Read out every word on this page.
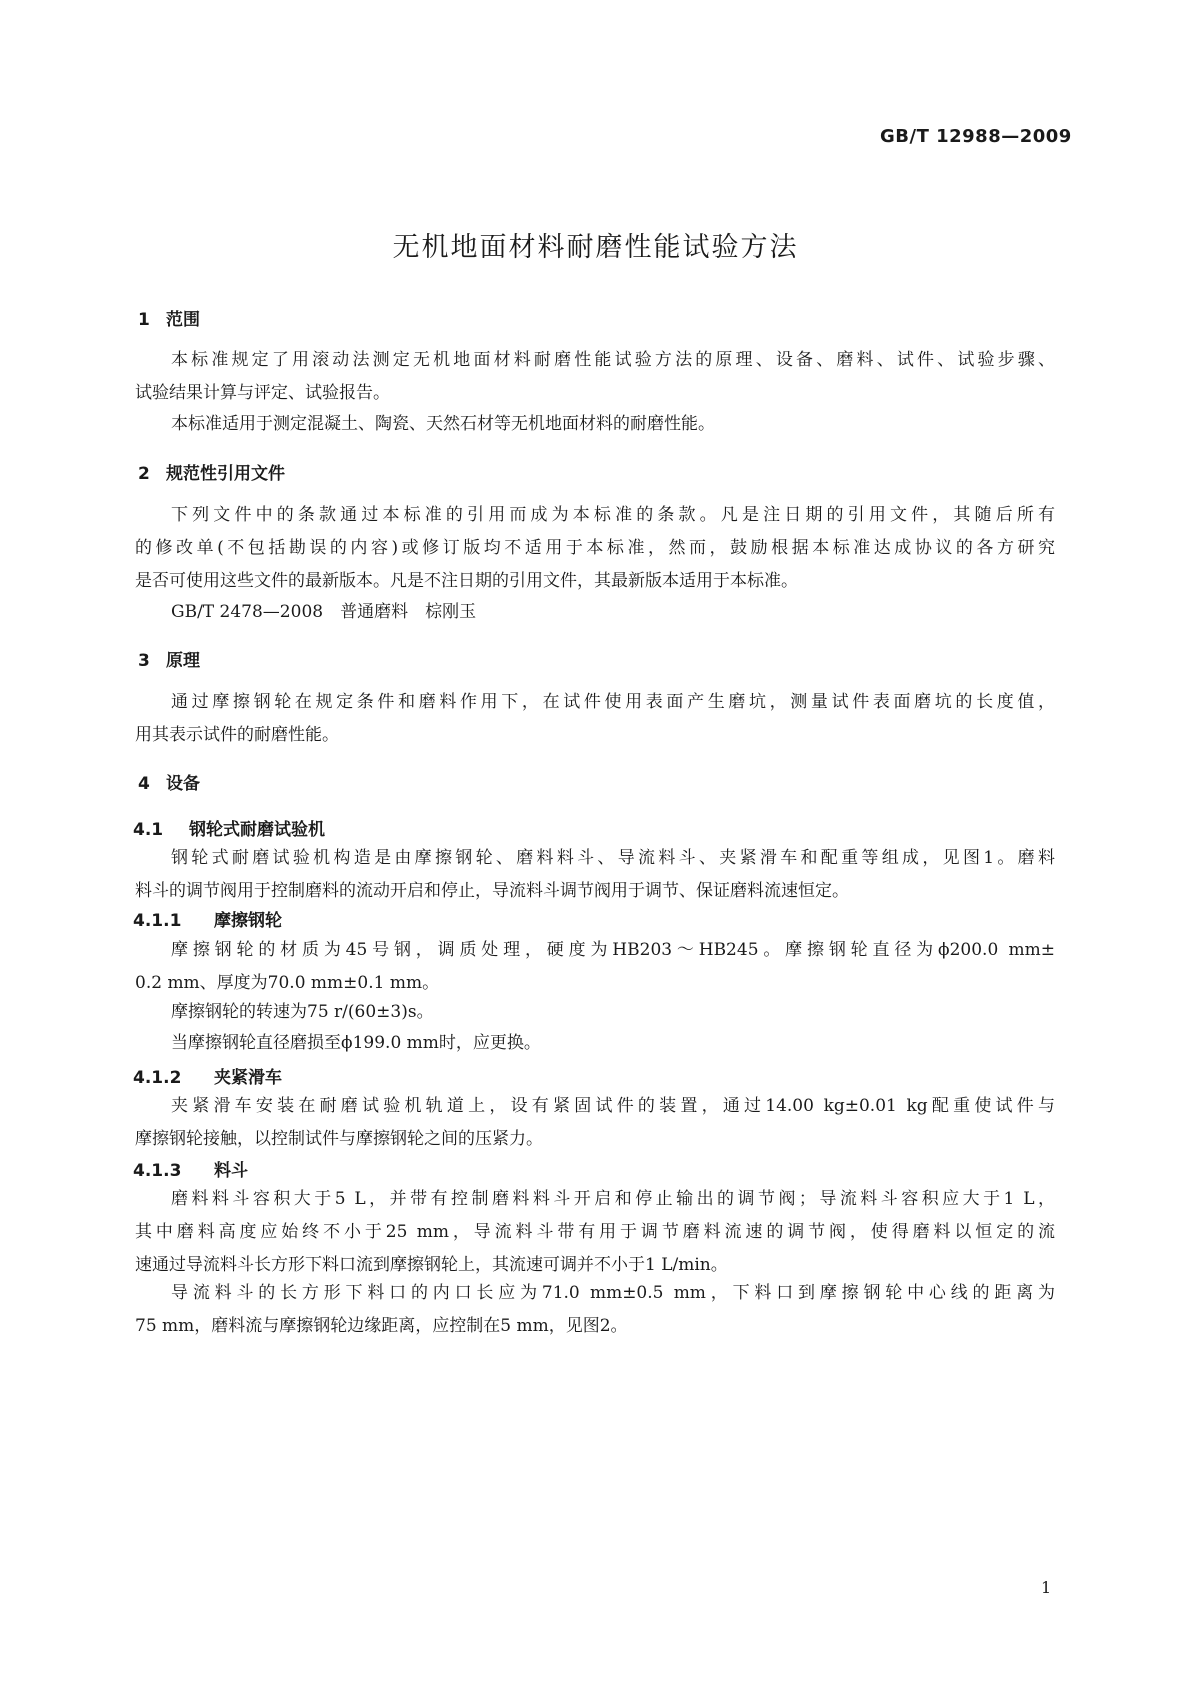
GB/T 12988—2009
无机地面材料耐磨性能试验方法
1 范围
本标准规定了用滚动法测定无机地面材料耐磨性能试验方法的原理、设备、磨料、试件、试验步骤、
试验结果计算与评定、试验报告。
本标准适用于测定混凝土、陶瓷、天然石材等无机地面材料的耐磨性能。
2 规范性引用文件
下列文件中的条款通过本标准的引用而成为本标准的条款。凡是注日期的引用文件，其随后所有
的修改单(不包括勘误的内容)或修订版均不适用于本标准，然而，鼓励根据本标准达成协议的各方研究
是否可使用这些文件的最新版本。凡是不注日期的引用文件，其最新版本适用于本标准。
GB/T 2478—2008　普通磨料　棕刚玉
3 原理
通过摩擦钢轮在规定条件和磨料作用下，在试件使用表面产生磨坑，测量试件表面磨坑的长度值，
用其表示试件的耐磨性能。
4 设备
4.1 钢轮式耐磨试验机
钢轮式耐磨试验机构造是由摩擦钢轮、磨料料斗、导流料斗、夹紧滑车和配重等组成，见图1。磨料
料斗的调节阀用于控制磨料的流动开启和停止，导流料斗调节阀用于调节、保证磨料流速恒定。
4.1.1 摩擦钢轮
摩擦钢轮的材质为45号钢，调质处理，硬度为HB203～HB245。摩擦钢轮直径为ϕ200.0 mm±
0.2 mm、厚度为70.0 mm±0.1 mm。
摩擦钢轮的转速为75 r/(60±3)s。
当摩擦钢轮直径磨损至ϕ199.0 mm时，应更换。
4.1.2 夹紧滑车
夹紧滑车安装在耐磨试验机轨道上，设有紧固试件的装置，通过14.00 kg±0.01 kg配重使试件与
摩擦钢轮接触，以控制试件与摩擦钢轮之间的压紧力。
4.1.3 料斗
磨料料斗容积大于5 L，并带有控制磨料料斗开启和停止输出的调节阀；导流料斗容积应大于1 L，
其中磨料高度应始终不小于25 mm，导流料斗带有用于调节磨料流速的调节阀，使得磨料以恒定的流
速通过导流料斗长方形下料口流到摩擦钢轮上，其流速可调并不小于1 L/min。
导流料斗的长方形下料口的内口长应为71.0 mm±0.5 mm，下料口到摩擦钢轮中心线的距离为
75 mm，磨料流与摩擦钢轮边缘距离，应控制在5 mm，见图2。
1
